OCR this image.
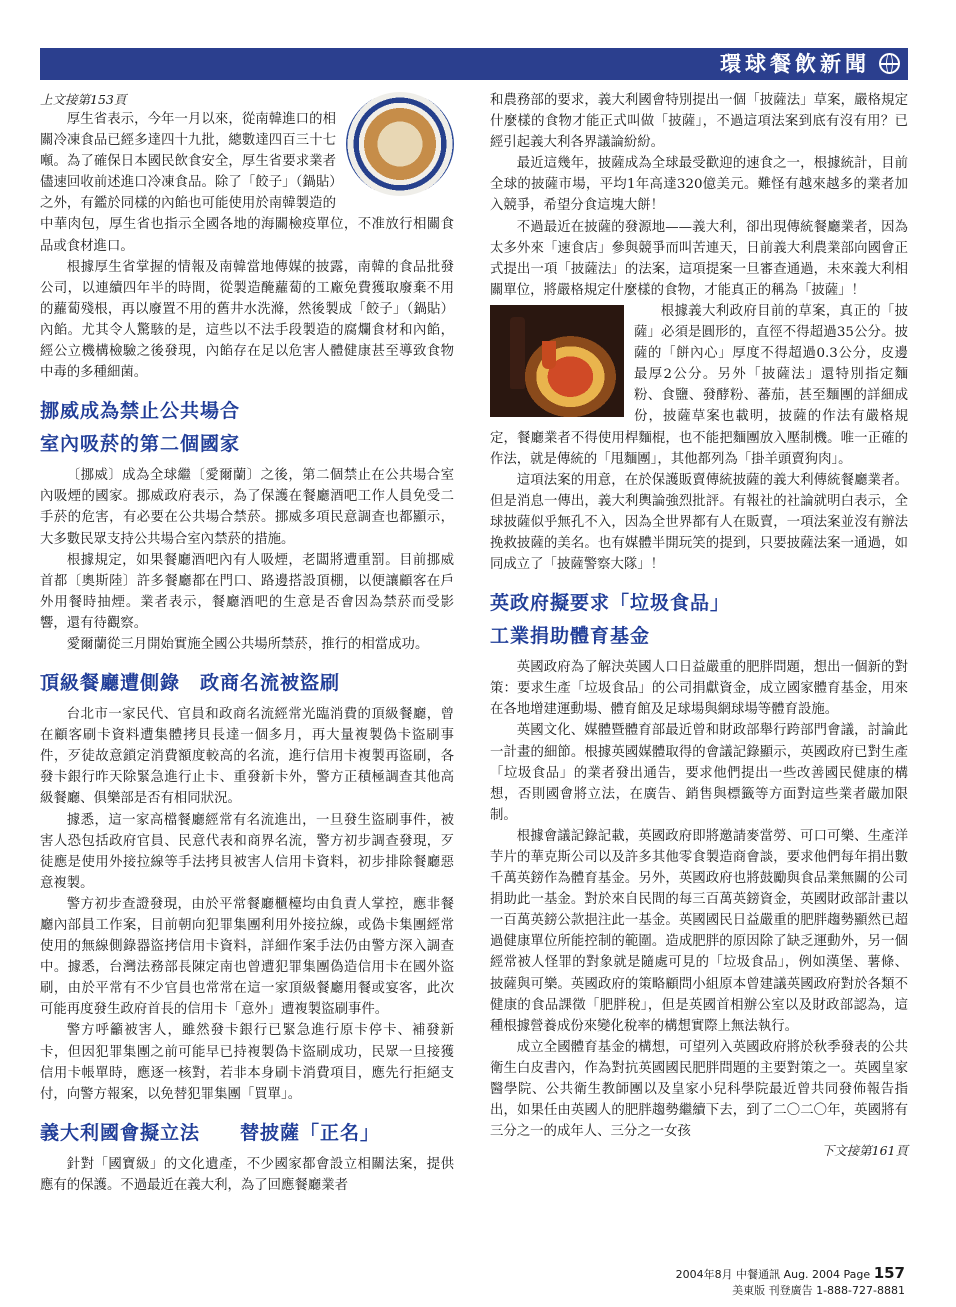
環球餐飲新聞
上文接第153頁

厚生省表示，今年一月以來，從南韓進口的相關冷凍食品已經多達四十九批，總數達四百三十七噸。為了確保日本國民飲食安全，厚生省要求業者儘速回收前述進口冷凍食品。除了「餃子」（鍋貼）之外，有鑑於同樣的內餡也可能使用於南韓製造的中華肉包，厚生省也指示全國各地的海關檢疫單位，不准放行相關食品或食材進口。

根據厚生省掌握的情報及南韓當地傳媒的披露，南韓的食品批發公司，以連續四年半的時間，從製造醃蘿蔔的工廠免費獲取廢棄不用的蘿蔔殘根，再以廢置不用的舊井水洗滌，然後製成「餃子」（鍋貼）內餡。尤其令人驚駭的是，這些以不法手段製造的腐爛食材和內餡，經公立機構檢驗之後發現，內餡存在足以危害人體健康甚至導致食物中毒的多種細菌。

挪威成為禁止公共場合
室內吸菸的第二個國家

〔挪威〕成為全球繼〔愛爾蘭〕之後，第二個禁止在公共場合室內吸煙的國家。挪威政府表示，為了保護在餐廳酒吧工作人員免受二手菸的危害，有必要在公共場合禁菸。挪威多項民意調查也都顯示，大多數民眾支持公共場合室內禁菸的措施。

根據規定，如果餐廳酒吧內有人吸煙，老闆將遭重罰。目前挪威首都〔奧斯陸〕許多餐廳都在門口、路邊搭設頂棚，以便讓顧客在戶外用餐時抽煙。業者表示，餐廳酒吧的生意是否會因為禁菸而受影響，還有待觀察。

愛爾蘭從三月開始實施全國公共場所禁菸，推行的相當成功。

頂級餐廳遭側錄　政商名流被盜刷

台北市一家民代、官員和政商名流經常光臨消費的頂級餐廳，曾在顧客刷卡資料遭集體拷貝長達一個多月，再大量複製偽卡盜刷事件，歹徒故意鎖定消費額度較高的名流，進行信用卡複製再盜刷，各發卡銀行昨天除緊急進行止卡、重發新卡外，警方正積極調查其他高級餐廳、俱樂部是否有相同狀況。

據悉，這一家高檔餐廳經常有名流進出，一旦發生盜刷事件，被害人恐包括政府官員、民意代表和商界名流，警方初步調查發現，歹徒應是使用外接拉線等手法拷貝被害人信用卡資料，初步排除餐廳惡意複製。

警方初步查證發現，由於平常餐廳櫃檯均由負責人掌控，應非餐廳內部員工作案，目前朝向犯罪集團利用外接拉線，或偽卡集團經常使用的無線側錄器盜拷信用卡資料，詳細作案手法仍由警方深入調查中。據悉，台灣法務部長陳定南也曾遭犯罪集團偽造信用卡在國外盜刷，由於平常有不少官員也常常在這一家頂級餐廳用餐或宴客，此次可能再度發生政府首長的信用卡「意外」遭複製盜刷事件。

警方呼籲被害人，雖然發卡銀行已緊急進行原卡停卡、補發新卡，但因犯罪集團之前可能早已持複製偽卡盜刷成功，民眾一旦接獲信用卡帳單時，應逐一核對，若非本身刷卡消費項目，應先行拒絕支付，向警方報案，以免替犯罪集團「買單」。

義大利國會擬立法　　替披薩「正名」

針對「國寶級」的文化遺產，不少國家都會設立相關法案，提供應有的保護。不過最近在義大利，為了回應餐廳業者

和農務部的要求，義大利國會特別提出一個「披薩法」草案，嚴格規定什麼樣的食物才能正式叫做「披薩」，不過這項法案到底有沒有用？已經引起義大利各界議論紛紛。

最近這幾年，披薩成為全球最受歡迎的速食之一，根據統計，目前全球的披薩市場，平均1年高達320億美元。難怪有越來越多的業者加入競爭，希望分食這塊大餅！

不過最近在披薩的發源地——義大利，卻出現傳統餐廳業者，因為太多外來「速食店」參與競爭而叫苦連天，日前義大利農業部向國會正式提出一項「披薩法」的法案，這項提案一旦審查通過，未來義大利相關單位，將嚴格規定什麼樣的食物，才能真正的稱為「披薩」！

根據義大利政府目前的草案，真正的「披薩」必須是圓形的，直徑不得超過35公分。披薩的「餅內心」厚度不得超過0.3公分，皮邊最厚2公分。另外「披薩法」還特別指定麵粉、食鹽、發酵粉、蕃茄，甚至麵團的詳細成份，披薩草案也載明，披薩的作法有嚴格規定，餐廳業者不得使用桿麵棍，也不能把麵團放入壓制機。唯一正確的作法，就是傳統的「甩麵團」，其他都列為「掛羊頭賣狗肉」。

這項法案的用意，在於保護販賣傳統披薩的義大利傳統餐廳業者。但是消息一傳出，義大利輿論強烈批評。有報社的社論就明白表示，全球披薩似乎無孔不入，因為全世界都有人在販賣，一項法案並沒有辦法挽救披薩的美名。也有媒體半開玩笑的提到，只要披薩法案一通過，如同成立了「披薩警察大隊」！

英政府擬要求「垃圾食品」
工業捐助體育基金

英國政府為了解決英國人口日益嚴重的肥胖問題，想出一個新的對策：要求生產「垃圾食品」的公司捐獻資金，成立國家體育基金，用來在各地增建運動場、體育館及足球場與網球場等體育設施。

英國文化、媒體暨體育部最近曾和財政部舉行跨部門會議，討論此一計畫的細節。根據英國媒體取得的會議記錄顯示，英國政府已對生產「垃圾食品」的業者發出通告，要求他們提出一些改善國民健康的構想，否則國會將立法，在廣告、銷售與標籤等方面對這些業者嚴加限制。

根據會議記錄記載，英國政府即將邀請麥當勞、可口可樂、生產洋芋片的華克斯公司以及許多其他零食製造商會談，要求他們每年捐出數千萬英鎊作為體育基金。另外，英國政府也將鼓勵與食品業無關的公司捐助此一基金。對於來自民間的每三百萬英鎊資金，英國財政部計畫以一百萬英鎊公款挹注此一基金。英國國民日益嚴重的肥胖趨勢顯然已超過健康單位所能控制的範圍。造成肥胖的原因除了缺乏運動外，另一個經常被人怪罪的對象就是隨處可見的「垃圾食品」，例如漢堡、薯條、披薩與可樂。英國政府的策略顧問小組原本曾建議英國政府對於各類不健康的食品課徵「肥胖稅」，但是英國首相辦公室以及財政部認為，這種根據營養成份來變化稅率的構想實際上無法執行。

成立全國體育基金的構想，可望列入英國政府將於秋季發表的公共衛生白皮書內，作為對抗英國國民肥胖問題的主要對策之一。英國皇家醫學院、公共衛生教師團以及皇家小兒科學院最近曾共同發佈報告指出，如果任由英國人的肥胖趨勢繼續下去，到了二〇二〇年，英國將有三分之一的成年人、三分之一女孩

下文接第161頁
2004年8月 中餐通訊 Aug. 2004 Page 157
美東版 刊登廣告 1-888-727-8881
